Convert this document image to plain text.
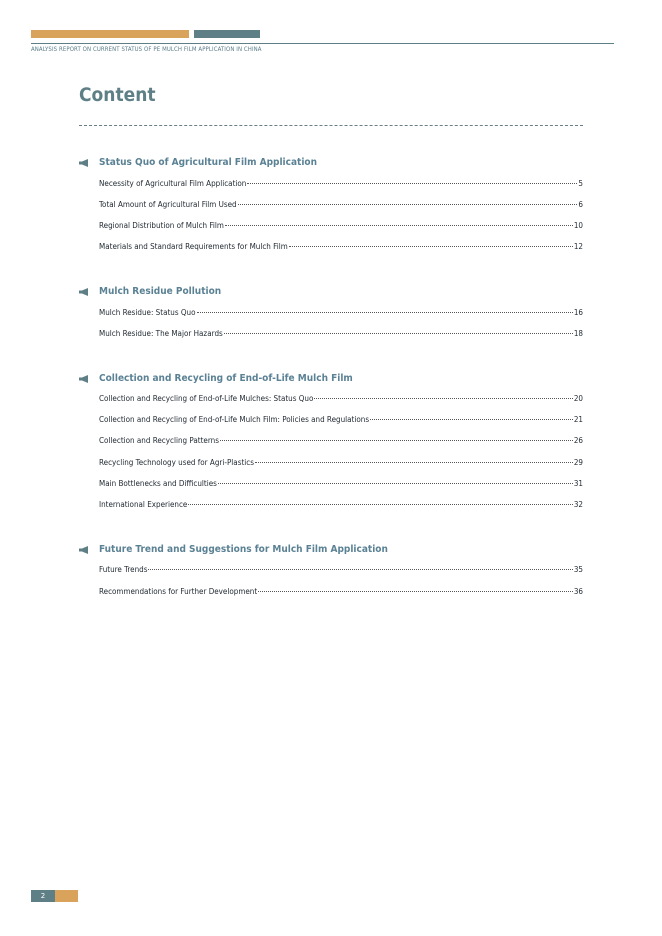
ANALYSIS REPORT ON CURRENT STATUS OF PE MULCH FILM APPLICATION IN CHINA
Content
Status Quo of Agricultural Film Application
Necessity of Agricultural Film Application	5
Total Amount of Agricultural Film Used	6
Regional Distribution of Mulch Film	10
Materials and Standard Requirements for Mulch Film	12
Mulch Residue Pollution
Mulch Residue: Status Quo	16
Mulch Residue: The Major Hazards	18
Collection and Recycling of End-of-Life Mulch Film
Collection and Recycling of End-of-Life Mulches: Status Quo	20
Collection and Recycling of End-of-Life Mulch Film: Policies and Regulations	21
Collection and Recycling Patterns	26
Recycling Technology used for Agri-Plastics	29
Main Bottlenecks and Difficulties	31
International Experience	32
Future Trend and Suggestions for Mulch Film Application
Future Trends	35
Recommendations for Further Development	36
2
